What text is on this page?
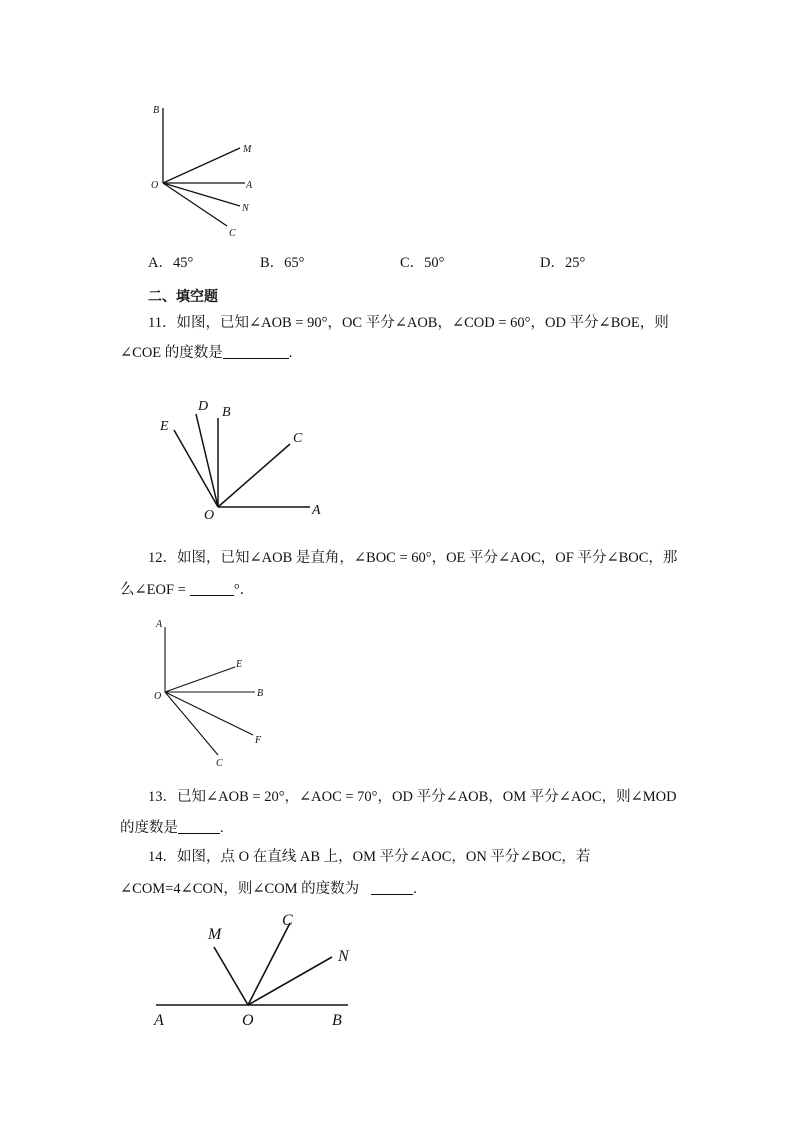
B
M
O	A
N
C
A．45°	B．65°	C．50°	D．25°
二、填空题
11．如图，已知∠AOB = 90°，OC 平分∠AOB，∠COD = 60°，OD 平分∠BOE，则
∠COE 的度数是	.
E
D B
C
O	A
12．如图，已知∠AOB 是直角，∠BOC = 60°，OE 平分∠AOC，OF 平分∠BOC，那
么∠EOF =	°．
A
E
O	B
F
C
13．已知∠AOB = 20°，∠AOC = 70°，OD 平分∠AOB，OM 平分∠AOC，则∠MOD
的度数是	.
14．如图，点 O 在直线 AB 上，OM 平分∠AOC，ON 平分∠BOC，若
∠COM=4∠CON，则∠COM 的度数为	.
M
C
N
A	O	B
